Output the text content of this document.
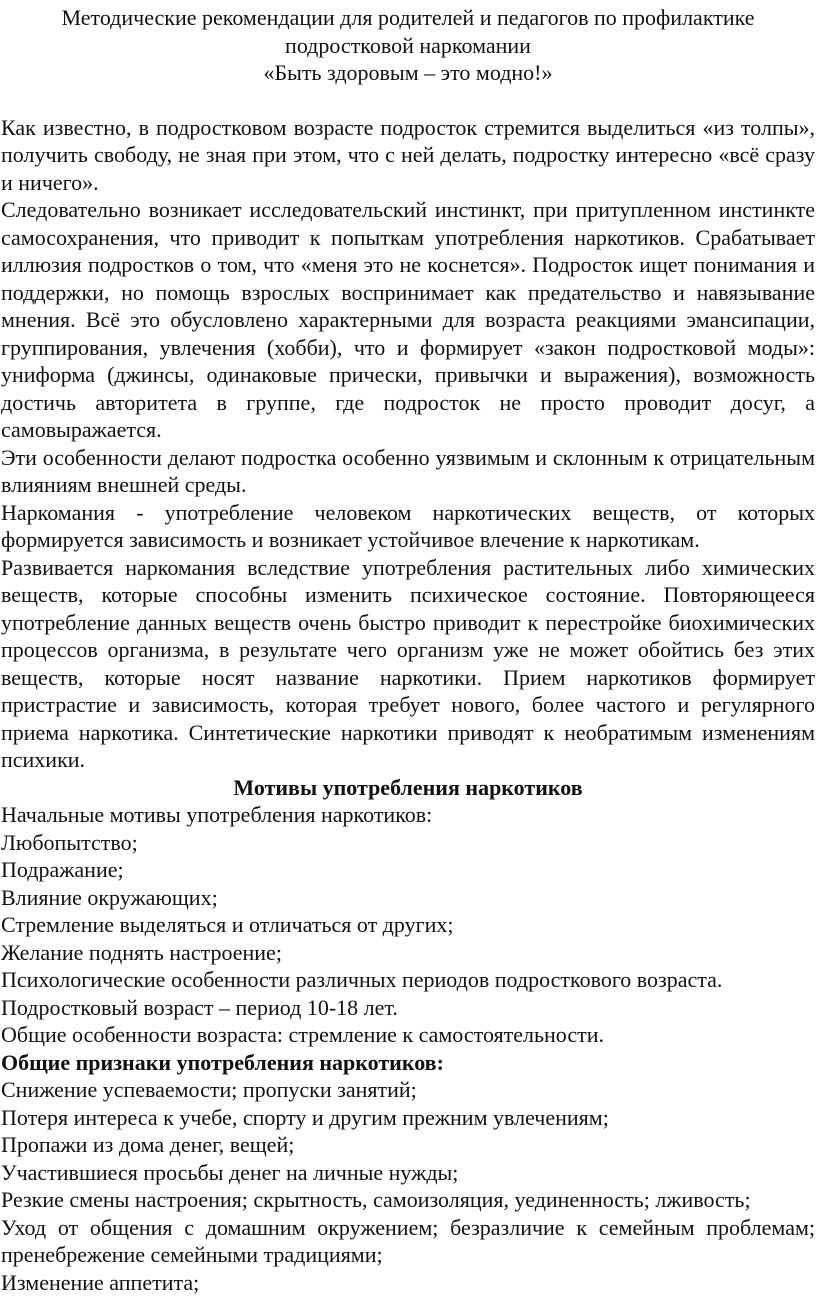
Методические рекомендации для родителей и педагогов по профилактике
подростковой наркомании
«Быть здоровым – это модно!»

Как известно, в подростковом возрасте подросток стремится выделиться «из толпы», получить свободу, не зная при этом, что с ней делать, подростку интересно «всё сразу и ничего».

Следовательно возникает исследовательский инстинкт, при притупленном инстинкте самосохранения, что приводит к попыткам употребления наркотиков. Срабатывает иллюзия подростков о том, что «меня это не коснется». Подросток ищет понимания и поддержки, но помощь взрослых воспринимает как предательство и навязывание мнения. Всё это обусловлено характерными для возраста реакциями эмансипации, группирования, увлечения (хобби), что и формирует «закон подростковой моды»: униформа (джинсы, одинаковые прически, привычки и выражения), возможность достичь авторитета в группе, где подросток не просто проводит досуг, а самовыражается.

Эти особенности делают подростка особенно уязвимым и склонным к отрицательным влияниям внешней среды.

Наркомания - употребление человеком наркотических веществ, от которых формируется зависимость и возникает устойчивое влечение к наркотикам.

Развивается наркомания вследствие употребления растительных либо химических веществ, которые способны изменить психическое состояние. Повторяющееся употребление данных веществ очень быстро приводит к перестройке биохимических процессов организма, в результате чего организм уже не может обойтись без этих веществ, которые носят название наркотики. Прием наркотиков формирует пристрастие и зависимость, которая требует нового, более частого и регулярного приема наркотика. Синтетические наркотики приводят к необратимым изменениям психики.

Мотивы употребления наркотиков

Начальные мотивы употребления наркотиков:

Любопытство;

Подражание;

Влияние окружающих;

Стремление выделяться и отличаться от других;

Желание поднять настроение;

Психологические особенности различных периодов подросткового возраста.

Подростковый возраст – период 10-18 лет.

Общие особенности возраста: стремление к самостоятельности.

Общие признаки употребления наркотиков:

Снижение успеваемости; пропуски занятий;

Потеря интереса к учебе, спорту и другим прежним увлечениям;

Пропажи из дома денег, вещей;

Участившиеся просьбы денег на личные нужды;

Резкие смены настроения; скрытность, самоизоляция, уединенность; лживость;

Уход от общения с домашним окружением; безразличие к семейным проблемам; пренебрежение семейными традициями;

Изменение аппетита;
